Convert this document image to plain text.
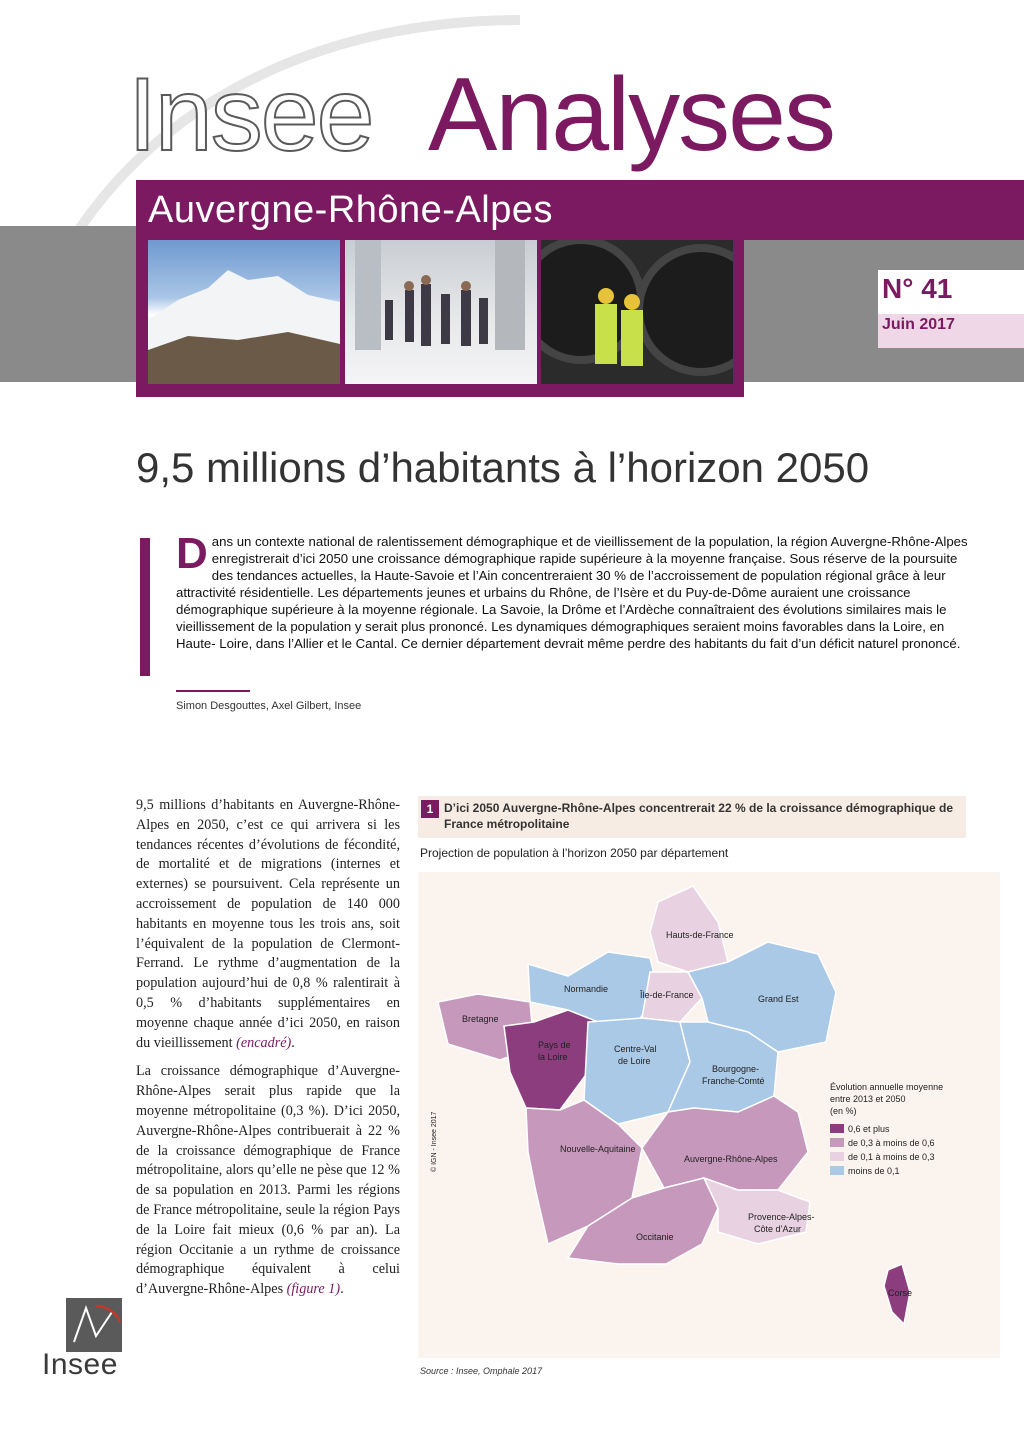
Insee Analyses
Auvergne-Rhône-Alpes
N° 41
Juin 2017
9,5 millions d’habitants à l’horizon 2050
Dans un contexte national de ralentissement démographique et de vieillissement de la population, la région Auvergne-Rhône-Alpes enregistrerait d’ici 2050 une croissance démographique rapide supérieure à la moyenne française. Sous réserve de la poursuite des tendances actuelles, la Haute-Savoie et l’Ain concentreraient 30 % de l’accroissement de population régional grâce à leur attractivité résidentielle. Les départements jeunes et urbains du Rhône, de l’Isère et du Puy-de-Dôme auraient une croissance démographique supérieure à la moyenne régionale. La Savoie, la Drôme et l’Ardèche connaîtraient des évolutions similaires mais le vieillissement de la population y serait plus prononcé. Les dynamiques démographiques seraient moins favorables dans la Loire, en Haute- Loire, dans l’Allier et le Cantal. Ce dernier département devrait même perdre des habitants du fait d’un déficit naturel prononcé.
Simon Desgouttes, Axel Gilbert, Insee

9,5 millions d’habitants en Auvergne-Rhône-Alpes en 2050, c’est ce qui arrivera si les tendances récentes d’évolutions de fécondité, de mortalité et de migrations (internes et externes) se poursuivent. Cela représente un accroissement de population de 140 000 habitants en moyenne tous les trois ans, soit l’équivalent de la population de Clermont-Ferrand. Le rythme d’augmentation de la population aujourd’hui de 0,8 % ralentirait à 0,5 % d’habitants supplémentaires en moyenne chaque année d’ici 2050, en raison du vieillissement (encadré).

La croissance démographique d’Auvergne-Rhône-Alpes serait plus rapide que la moyenne métropolitaine (0,3 %). D’ici 2050, Auvergne-Rhône-Alpes contribuerait à 22 % de la croissance démographique de France métropolitaine, alors qu’elle ne pèse que 12 % de sa population en 2013. Parmi les régions de France métropolitaine, seule la région Pays de la Loire fait mieux (0,6 % par an). La région Occitanie a un rythme de croissance démographique équivalent à celui d’Auvergne-Rhône-Alpes (figure 1).

Insee
1 D’ici 2050 Auvergne-Rhône-Alpes concentrerait 22 % de la croissance démographique de France métropolitaine
Projection de population à l’horizon 2050 par département
Hauts-de-France
Normandie
Île-de-France	Grand Est
Bretagne
Pays de
la Loire
Centre-Val
de Loire
Bourgogne-
Franche-Comté
Nouvelle-Aquitaine
Auvergne-Rhône-Alpes
Occitanie
Provence-Alpes-
Côte d’Azur
Corse
© IGN - Insee 2017
Évolution annuelle moyenne
entre 2013 et 2050
(en %)
0,6 et plus
de 0,3 à moins de 0,6
de 0,1 à moins de 0,3
moins de 0,1
Source : Insee, Omphale 2017
